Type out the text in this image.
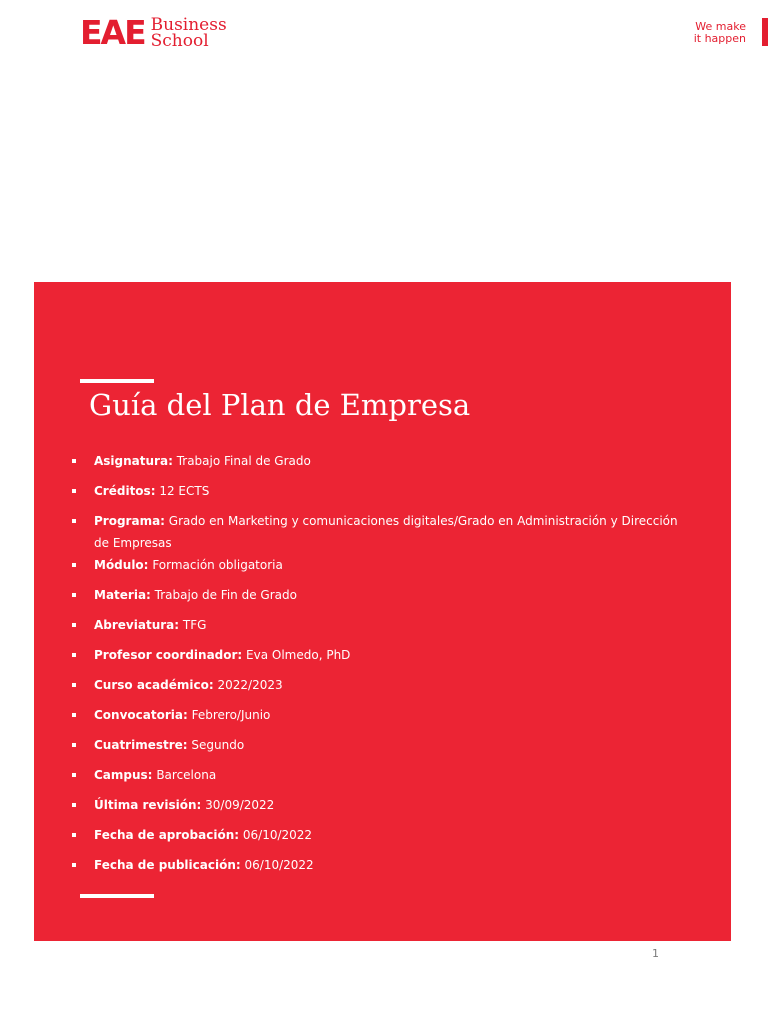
EAE Business
School
We make
it happen
Guía del Plan de Empresa
Asignatura: Trabajo Final de Grado
Créditos: 12 ECTS
Programa: Grado en Marketing y comunicaciones digitales/Grado en Administración y Dirección de Empresas
Módulo: Formación obligatoria
Materia: Trabajo de Fin de Grado
Abreviatura: TFG
Profesor coordinador: Eva Olmedo, PhD
Curso académico: 2022/2023
Convocatoria: Febrero/Junio
Cuatrimestre: Segundo
Campus: Barcelona
Última revisión: 30/09/2022
Fecha de aprobación: 06/10/2022
Fecha de publicación: 06/10/2022
1
